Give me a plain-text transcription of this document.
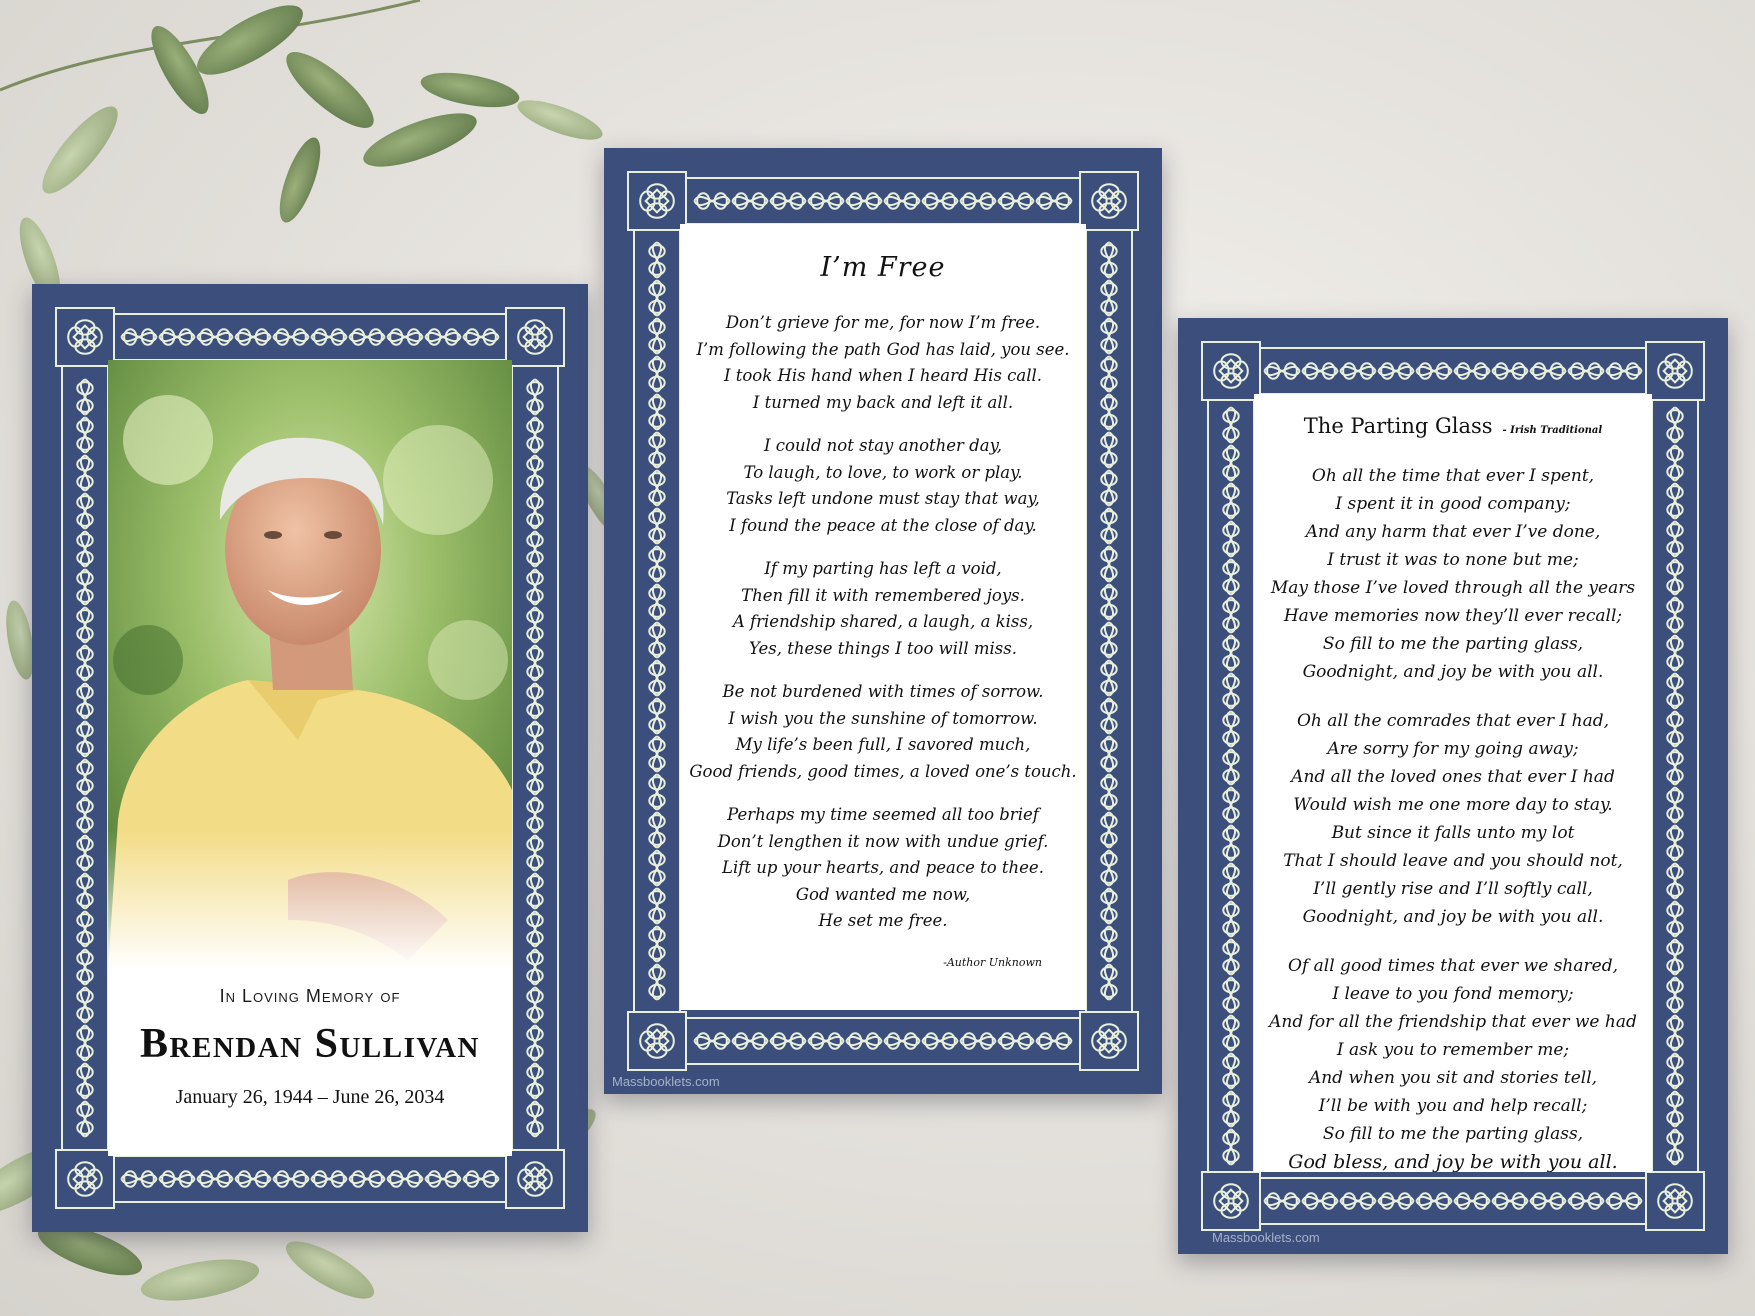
In Loving Memory of
Brendan Sullivan
January 26, 1944 – June 26, 2034
I’m Free
Don’t grieve for me, for now I’m free.
I’m following the path God has laid, you see.
I took His hand when I heard His call.
I turned my back and left it all.
I could not stay another day,
To laugh, to love, to work or play.
Tasks left undone must stay that way,
I found the peace at the close of day.
If my parting has left a void,
Then fill it with remembered joys.
A friendship shared, a laugh, a kiss,
Yes, these things I too will miss.
Be not burdened with times of sorrow.
I wish you the sunshine of tomorrow.
My life’s been full, I savored much,
Good friends, good times, a loved one’s touch.
Perhaps my time seemed all too brief
Don’t lengthen it now with undue grief.
Lift up your hearts, and peace to thee.
God wanted me now,
He set me free.
-Author Unknown
Massbooklets.com
The Parting Glass - Irish Traditional
Oh all the time that ever I spent,
I spent it in good company;
And any harm that ever I’ve done,
I trust it was to none but me;
May those I’ve loved through all the years
Have memories now they’ll ever recall;
So fill to me the parting glass,
Goodnight, and joy be with you all.
Oh all the comrades that ever I had,
Are sorry for my going away;
And all the loved ones that ever I had
Would wish me one more day to stay.
But since it falls unto my lot
That I should leave and you should not,
I’ll gently rise and I’ll softly call,
Goodnight, and joy be with you all.
Of all good times that ever we shared,
I leave to you fond memory;
And for all the friendship that ever we had
I ask you to remember me;
And when you sit and stories tell,
I’ll be with you and help recall;
So fill to me the parting glass,
God bless, and joy be with you all.
Massbooklets.com
